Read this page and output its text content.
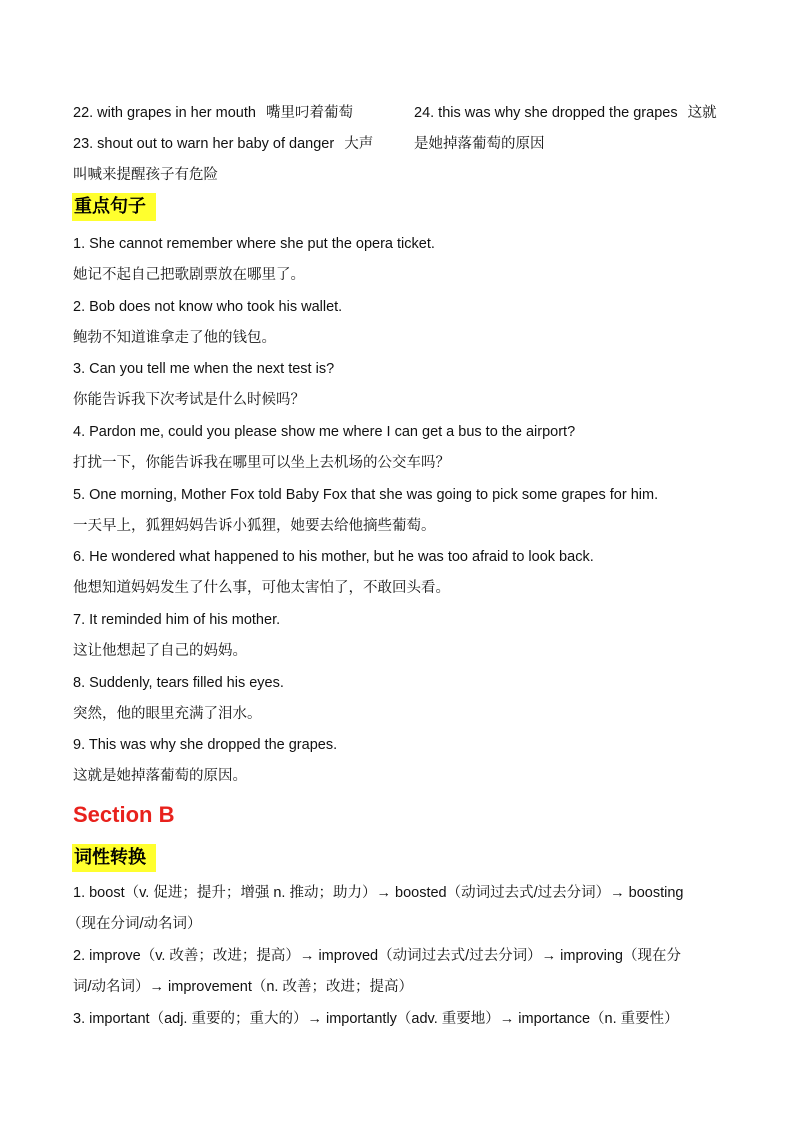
22. with grapes in her mouth 嘴里叼着葡萄
23. shout out to warn her baby of danger 大声
叫喊来提醒孩子有危险
24. this was why she dropped the grapes 这就
是她掉落葡萄的原因
重点句子
1. She cannot remember where she put the opera ticket.
她记不起自己把歌剧票放在哪里了。
2. Bob does not know who took his wallet.
鲍勃不知道谁拿走了他的钱包。
3. Can you tell me when the next test is?
你能告诉我下次考试是什么时候吗？
4. Pardon me, could you please show me where I can get a bus to the airport?
打扰一下，你能告诉我在哪里可以坐上去机场的公交车吗？
5. One morning, Mother Fox told Baby Fox that she was going to pick some grapes for him.
一天早上，狐狸妈妈告诉小狐狸，她要去给他摘些葡萄。
6. He wondered what happened to his mother, but he was too afraid to look back.
他想知道妈妈发生了什么事，可他太害怕了，不敢回头看。
7. It reminded him of his mother.
这让他想起了自己的妈妈。
8. Suddenly, tears filled his eyes.
突然，他的眼里充满了泪水。
9. This was why she dropped the grapes.
这就是她掉落葡萄的原因。
Section B
词性转换
1. boost（v. 促进；提升；增强 n. 推动；助力）→ boosted（动词过去式/过去分词）→ boosting
（现在分词/动名词）
2. improve（v. 改善；改进；提高）→ improved（动词过去式/过去分词）→ improving（现在分
词/动名词）→ improvement（n. 改善；改进；提高）
3. important（adj. 重要的；重大的）→ importantly（adv. 重要地）→ importance（n. 重要性）
